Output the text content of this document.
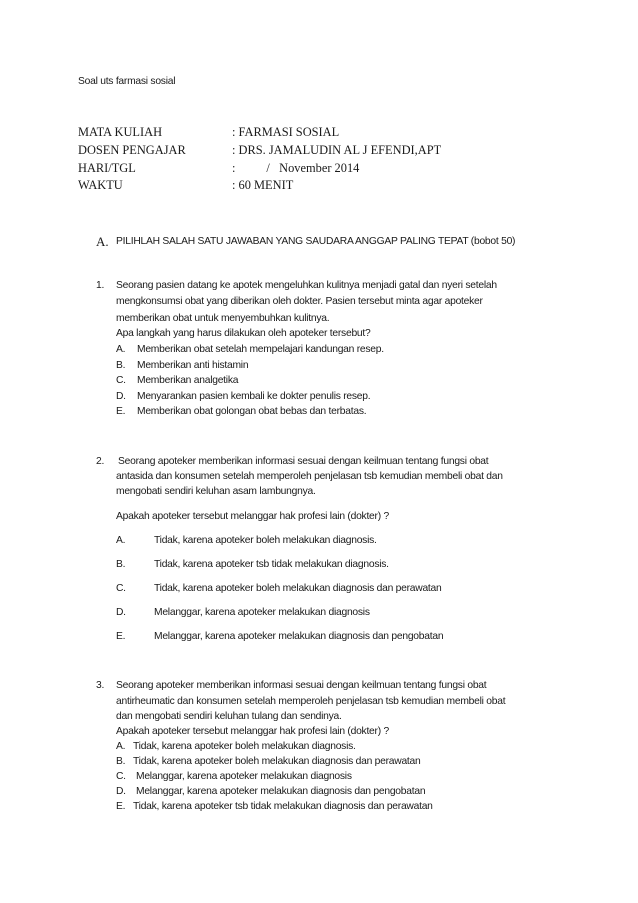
Soal uts farmasi sosial
MATA KULIAH	: FARMASI SOSIAL
DOSEN PENGAJAR	: DRS. JAMALUDIN AL J EFENDI,APT
HARI/TGL	:          /   November 2014
WAKTU	: 60 MENIT
A. PILIHLAH SALAH SATU JAWABAN YANG SAUDARA ANGGAP PALING TEPAT (bobot 50)
1. Seorang pasien datang ke apotek mengeluhkan kulitnya menjadi gatal dan nyeri setelah
mengkonsumsi obat yang diberikan oleh dokter. Pasien tersebut minta agar apoteker
memberikan obat untuk menyembuhkan kulitnya.
Apa langkah yang harus dilakukan oleh apoteker tersebut?
A. Memberikan obat setelah mempelajari kandungan resep.
B. Memberikan anti histamin
C. Memberikan analgetika
D. Menyarankan pasien kembali ke dokter penulis resep.
E. Memberikan obat golongan obat bebas dan terbatas.
2. Seorang apoteker memberikan informasi sesuai dengan keilmuan tentang fungsi obat
antasida dan konsumen setelah memperoleh penjelasan tsb kemudian membeli obat dan
mengobati sendiri keluhan asam lambungnya.
Apakah apoteker tersebut melanggar hak profesi lain (dokter) ?
A.	Tidak, karena apoteker boleh melakukan diagnosis.
B.	Tidak, karena apoteker tsb tidak melakukan diagnosis.
C.	Tidak, karena apoteker boleh melakukan diagnosis dan perawatan
D.	Melanggar, karena apoteker melakukan diagnosis
E.	Melanggar, karena apoteker melakukan diagnosis dan pengobatan
3. Seorang apoteker memberikan informasi sesuai dengan keilmuan tentang fungsi obat
antirheumatic dan konsumen setelah memperoleh penjelasan tsb kemudian membeli obat
dan mengobati sendiri keluhan tulang dan sendinya.
Apakah apoteker tersebut melanggar hak profesi lain (dokter) ?
A. Tidak, karena apoteker boleh melakukan diagnosis.
B. Tidak, karena apoteker boleh melakukan diagnosis dan perawatan
C. Melanggar, karena apoteker melakukan diagnosis
D. Melanggar, karena apoteker melakukan diagnosis dan pengobatan
E. Tidak, karena apoteker tsb tidak melakukan diagnosis dan perawatan
